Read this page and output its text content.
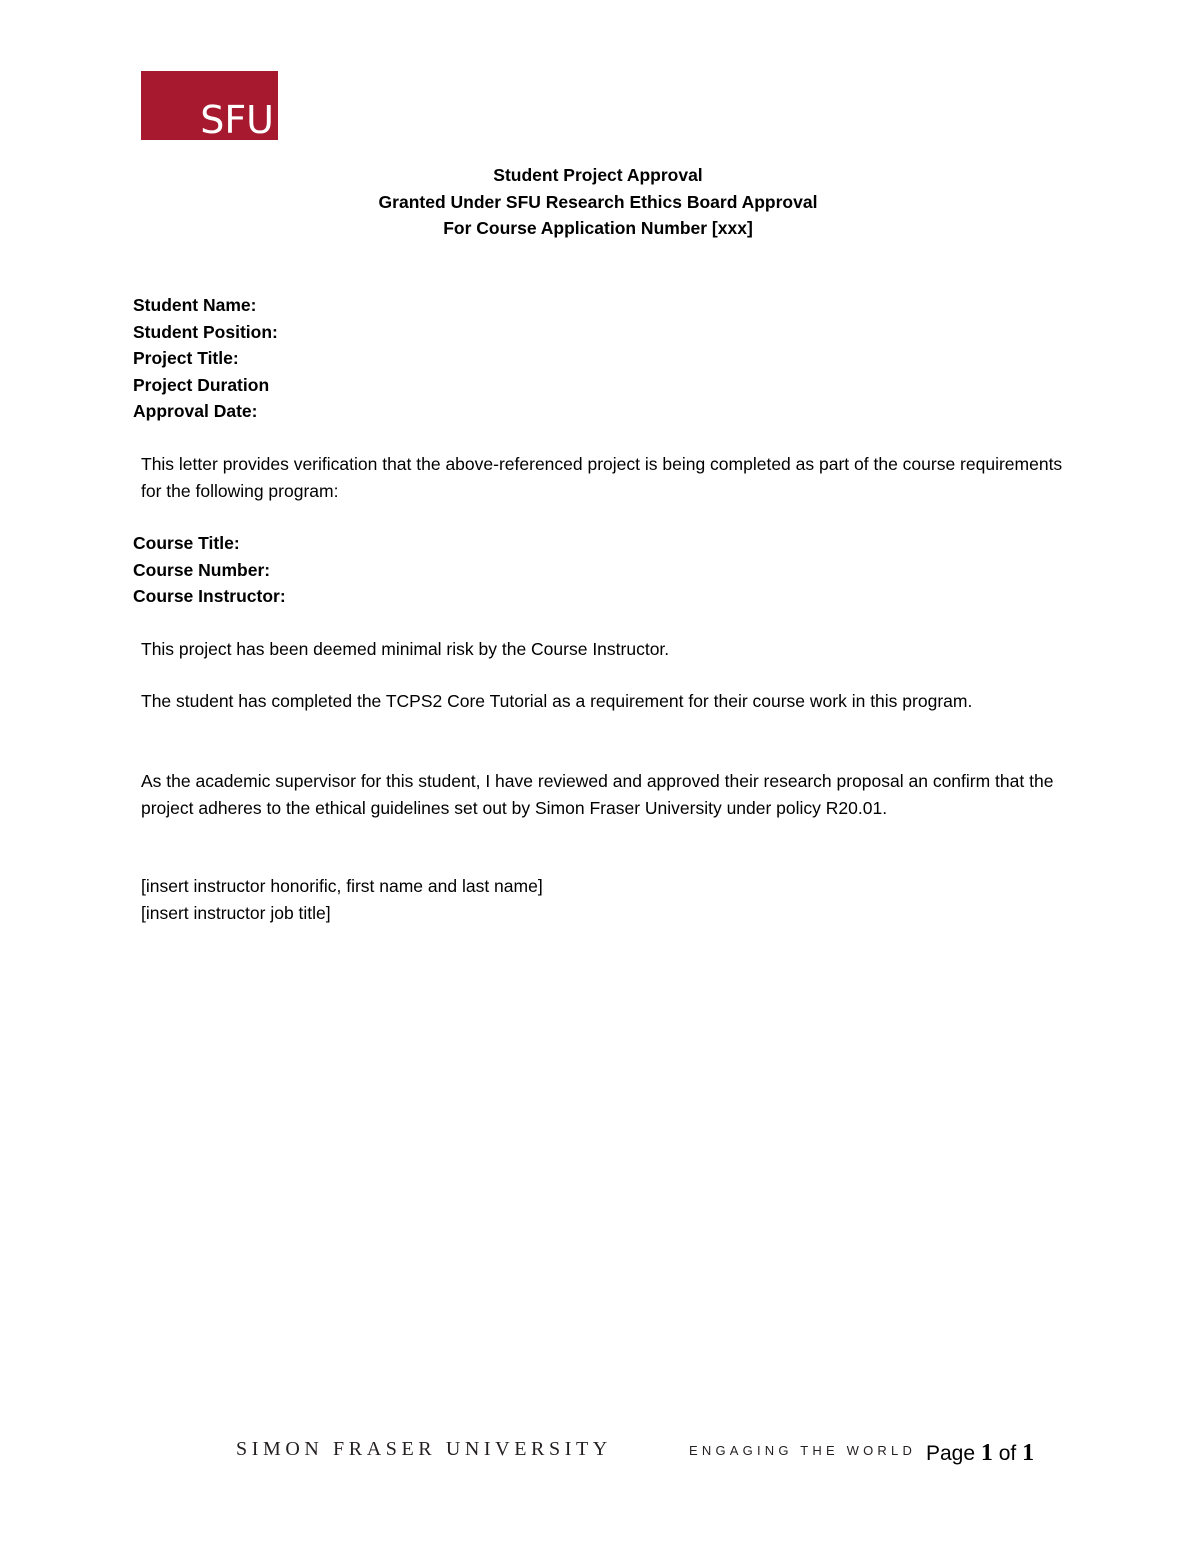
SFU
Student Project Approval
Granted Under SFU Research Ethics Board Approval
For Course Application Number [xxx]
Student Name:
Student Position:
Project Title:
Project Duration
Approval Date:
This letter provides verification that the above-referenced project is being completed as part of the course requirements for the following program:
Course Title:
Course Number:
Course Instructor:
This project has been deemed minimal risk by the Course Instructor.
The student has completed the TCPS2 Core Tutorial as a requirement for their course work in this program.
As the academic supervisor for this student, I have reviewed and approved their research proposal an confirm that the project adheres to the ethical guidelines set out by Simon Fraser University under policy R20.01.
[insert instructor honorific, first name and last name]
[insert instructor job title]
SIMON FRASER UNIVERSITY	ENGAGING THE WORLD Page 1 of 1
